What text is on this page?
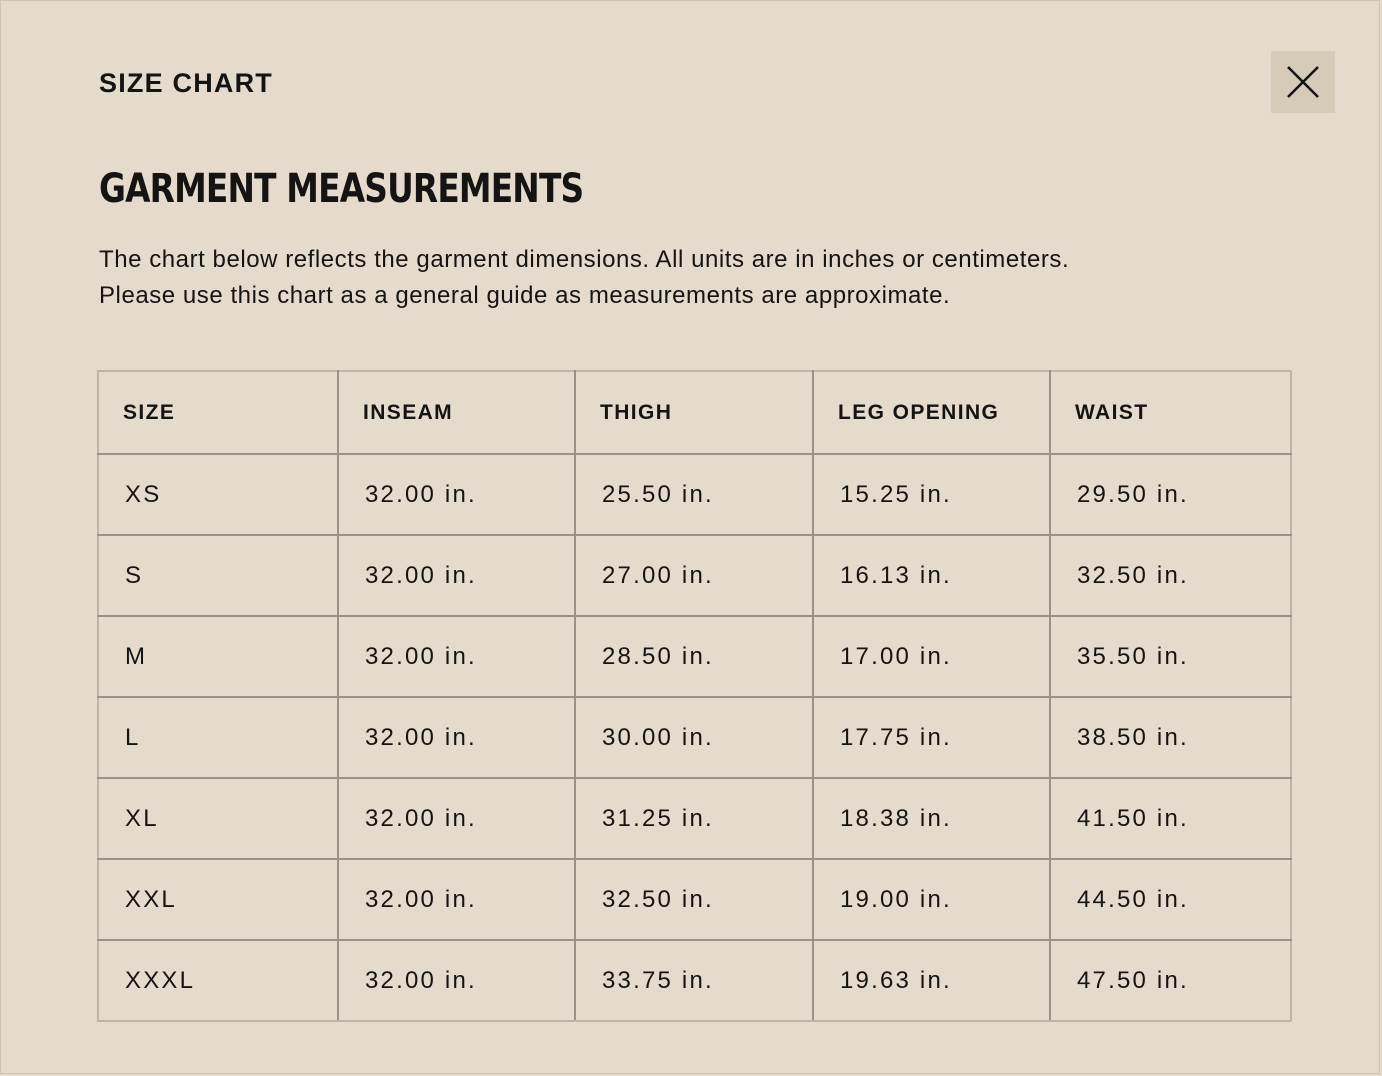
SIZE CHART
GARMENT MEASUREMENTS

The chart below reflects the garment dimensions. All units are in inches or centimeters.
Please use this chart as a general guide as measurements are approximate.

SIZE	INSEAM	THIGH	LEG OPENING	WAIST
XS	32.00 in.	25.50 in.	15.25 in.	29.50 in.
S	32.00 in.	27.00 in.	16.13 in.	32.50 in.
M	32.00 in.	28.50 in.	17.00 in.	35.50 in.
L	32.00 in.	30.00 in.	17.75 in.	38.50 in.
XL	32.00 in.	31.25 in.	18.38 in.	41.50 in.
XXL	32.00 in.	32.50 in.	19.00 in.	44.50 in.
XXXL	32.00 in.	33.75 in.	19.63 in.	47.50 in.
